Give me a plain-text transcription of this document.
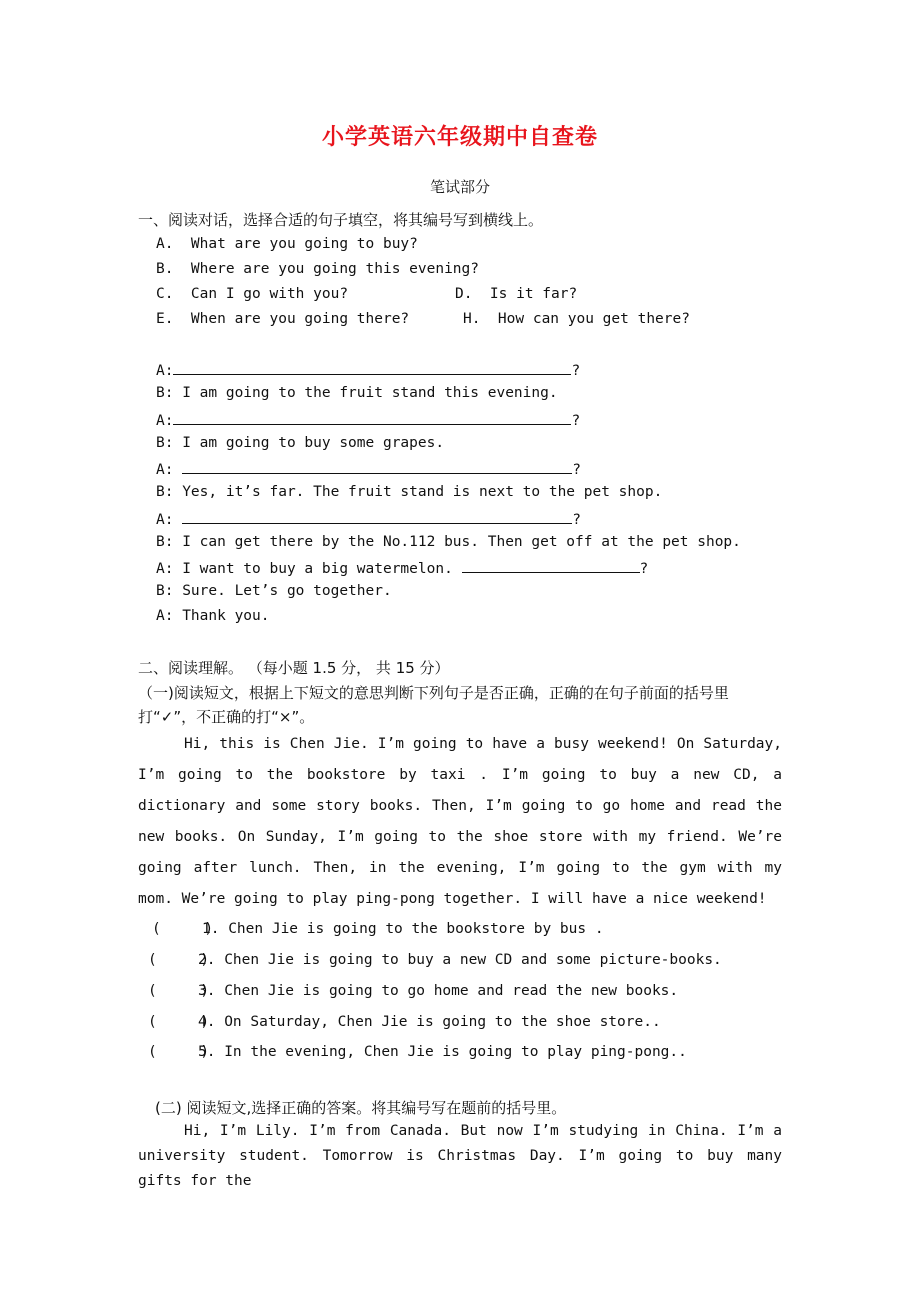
小学英语六年级期中自查卷
笔试部分
一、阅读对话，选择合适的句子填空，将其编号写到横线上。
A.  What are you going to buy?
B.  Where are you going this evening?
C.  Can I go with you?	D.  Is it far?
E.  When are you going there?	H.  How can you get there?
A:	?
B: I am going to the fruit stand this evening.
A:	?
B: I am going to buy some grapes.
A:	?
B: Yes, it’s far. The fruit stand is next to the pet shop.
A:	?
B: I can get there by the No.112 bus. Then get off at the pet shop.
A: I want to buy a big watermelon.	?
B: Sure. Let’s go together.
A: Thank you.
二、阅读理解。 （每小题 1.5 分， 共 15 分）
（一)阅读短文，根据上下短文的意思判断下列句子是否正确，正确的在句子前面的括号里
打“✓”，不正确的打“×”。
Hi, this is Chen Jie. I’m going to have a busy weekend! On Saturday, I’m going to the bookstore by taxi . I’m going to buy a new CD, a dictionary and some story books. Then, I’m going to go home and read the new books. On Sunday, I’m going to the shoe store with my friend. We’re going after lunch. Then, in the evening, I’m going to the gym with my mom. We’re going to play ping-pong together. I will have a nice weekend!
(     )1. Chen Jie is going to the bookstore by bus .
(     )2. Chen Jie is going to buy a new CD and some picture-books.
(     )3. Chen Jie is going to go home and read the new books.
(     )4. On Saturday, Chen Jie is going to the shoe store..
(     )5. In the evening, Chen Jie is going to play ping-pong..
(二) 阅读短文,选择正确的答案。将其编号写在题前的括号里。
Hi, I’m Lily. I’m from Canada. But now I’m studying in China. I’m a university student. Tomorrow is Christmas Day. I’m going to buy many gifts for the
